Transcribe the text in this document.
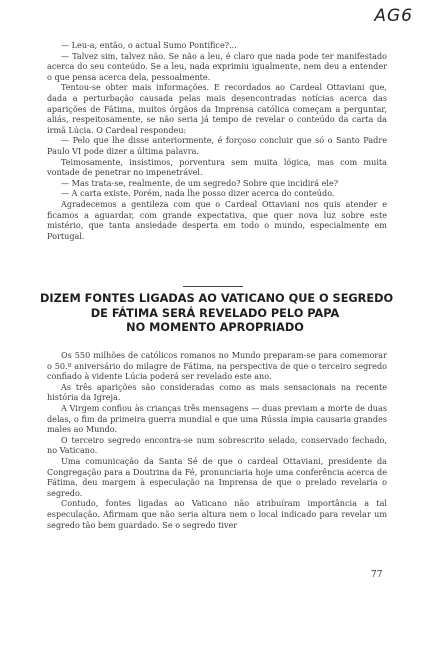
AG6

— Leu-a, então, o actual Sumo Pontífice?...

— Talvez sim, talvez não. Se não a leu, é claro que nada pode ter manifestado acerca do seu conteúdo. Se a leu, nada exprimiu igualmente, nem deu a entender o que pensa acerca dela, pessoalmente.

Tentou-se obter mais informações. E recordados ao Cardeal Ottaviani que, dada a perturbação causada pelas mais desencontradas notícias acerca das aparições de Fátima, muitos órgãos da Imprensa católica começam a perguntar, aliás, respeitosamente, se não seria já tempo de revelar o conteúdo da carta da irmã Lúcia. O Cardeal respondeu:

— Pelo que lhe disse anteriormente, é forçoso concluir que só o Santo Padre Paulo VI pode dizer a última palavra.

Teimosamente, insistimos, porventura sem muita lógica, mas com muita vontade de penetrar no impenetrável.

— Mas trata-se, realmente, de um segredo? Sobre que incidirá ele?

— A carta existe. Porém, nada lhe posso dizer acerca do conteúdo.

Agradecemos a gentileza com que o Cardeal Ottaviani nos quis atender e ficamos a aguardar, com grande expectativa, que quer nova luz sobre este mistério, que tanta ansiedade desperta em todo o mundo, especialmente em Portugal.

DIZEM FONTES LIGADAS AO VATICANO QUE O SEGREDO
DE FÁTIMA SERÁ REVELADO PELO PAPA
NO MOMENTO APROPRIADO

Os 550 milhões de católicos romanos no Mundo preparam-se para comemorar o 50.º aniversário do milagre de Fátima, na perspectiva de que o terceiro segredo confiado à vidente Lúcia poderá ser revelado este ano.

As três aparições são consideradas como as mais sensacionais na recente história da Igreja.

A Virgem confiou às crianças três mensagens — duas previam a morte de duas delas, o fim da primeira guerra mundial e que uma Rússia ímpia causaria grandes males ao Mundo.

O terceiro segredo encontra-se num sobrescrito selado, conservado fechado, no Vaticano.

Uma comunicação da Santa Sé de que o cardeal Ottaviani, presidente da Congregação para a Doutrina da Fé, pronunciaria hoje uma conferência acerca de Fátima, deu margem à especulação na Imprensa de que o prelado revelaria o segredo.

Contudo, fontes ligadas ao Vaticano não atribuíram importância a tal especulação. Afirmam que não seria altura nem o local indicado para revelar um segredo tão bem guardado. Se o segredo tiver

77
